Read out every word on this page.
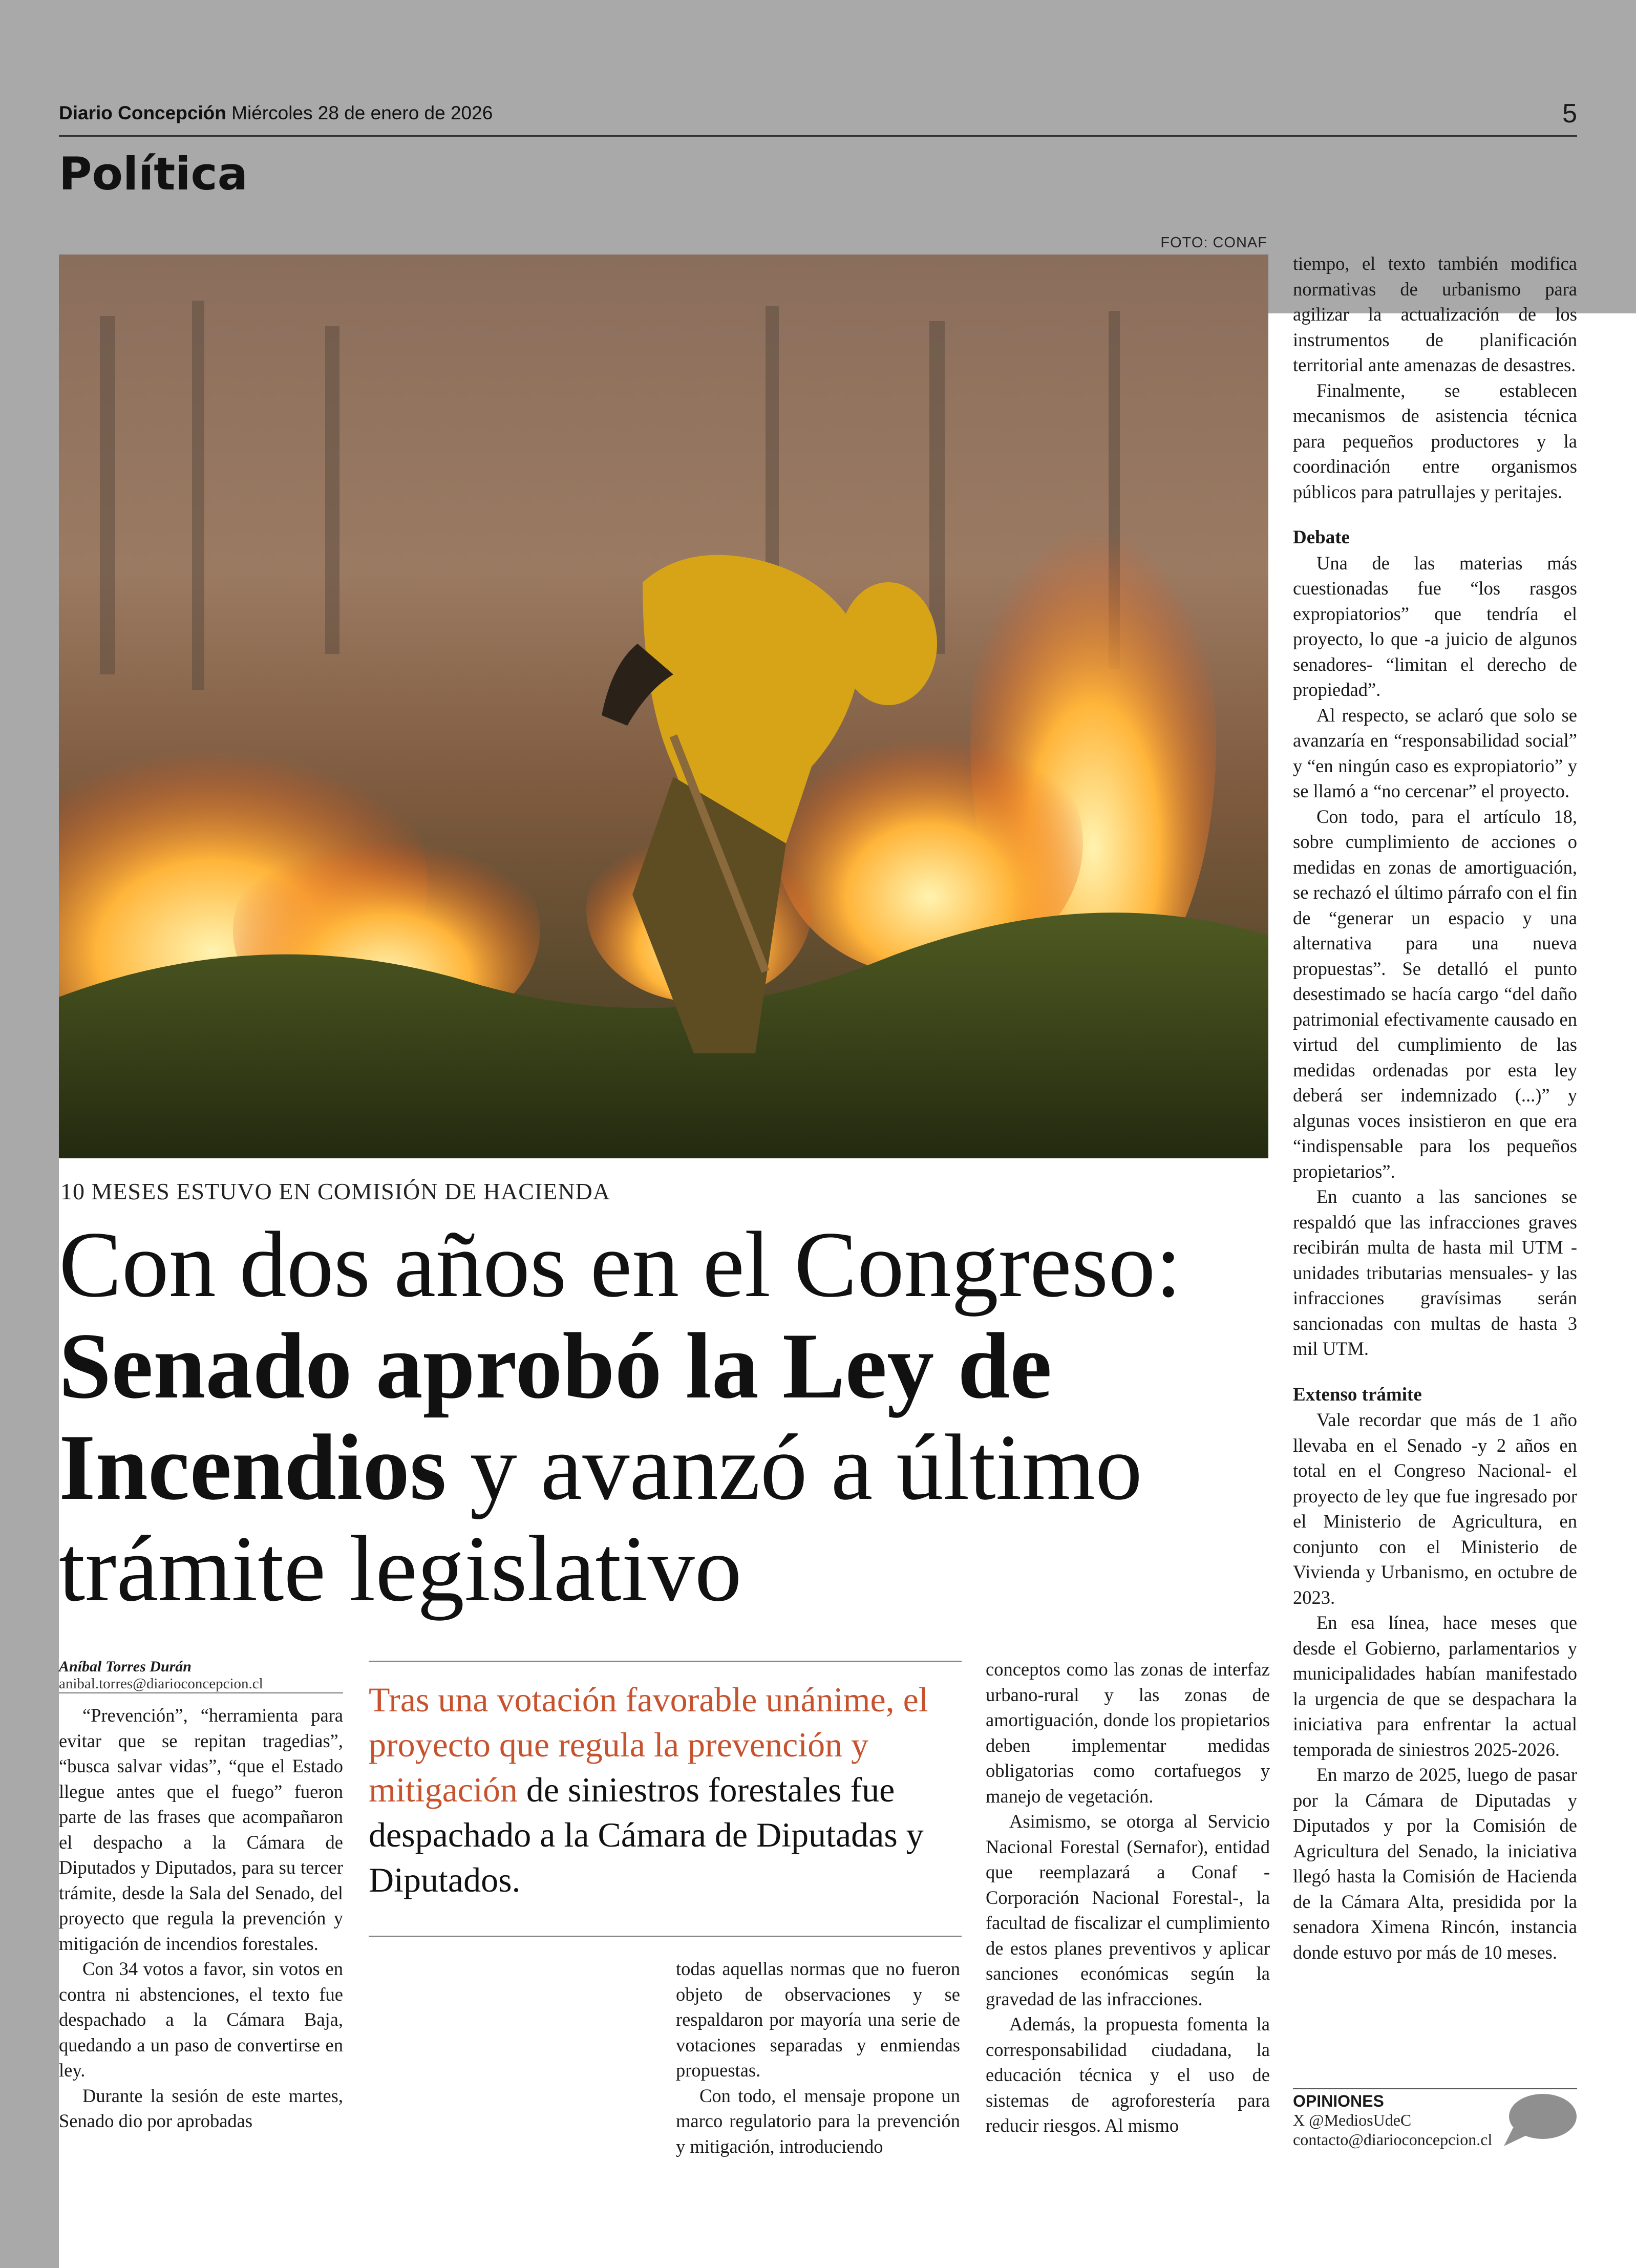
Diario Concepción Miércoles 28 de enero de 2026	5
Política
FOTO: CONAF
10 MESES ESTUVO EN COMISIÓN DE HACIENDA
Con dos años en el Congreso:
Senado aprobó la Ley de Incendios y avanzó a último trámite legislativo
Aníbal Torres Durán
anibal.torres@diarioconcepcion.cl	Tras una votación favorable unánime, el proyecto que regula la prevención y mitigación de siniestros forestales fue despachado a la Cámara de Diputadas y Diputados.

“Prevención”, “herramienta para evitar que se repitan tragedias”, “busca salvar vidas”, “que el Estado llegue antes que el fuego” fueron parte de las frases que acompañaron el despacho a la Cámara de Diputados y Diputados, para su tercer trámite, desde la Sala del Senado, del proyecto que regula la prevención y mitigación de incendios forestales.

Con 34 votos a favor, sin votos en contra ni abstenciones, el texto fue despachado a la Cámara Baja, quedando a un paso de convertirse en ley.

Durante la sesión de este martes, Senado dio por aprobadas

todas aquellas normas que no fueron objeto de observaciones y se respaldaron por mayoría una serie de votaciones separadas y enmiendas propuestas.

Con todo, el mensaje propone un marco regulatorio para la prevención y mitigación, introduciendo

conceptos como las zonas de interfaz urbano-rural y las zonas de amortiguación, donde los propietarios deben implementar medidas obligatorias como cortafuegos y manejo de vegetación.

Asimismo, se otorga al Servicio Nacional Forestal (Sernafor), entidad que reemplazará a Conaf -Corporación Nacional Forestal-, la facultad de fiscalizar el cumplimiento de estos planes preventivos y aplicar sanciones económicas según la gravedad de las infracciones.

Además, la propuesta fomenta la corresponsabilidad ciudadana, la educación técnica y el uso de sistemas de agroforestería para reducir riesgos. Al mismo

tiempo, el texto también modifica normativas de urbanismo para agilizar la actualización de los instrumentos de planificación territorial ante amenazas de desastres.

Finalmente, se establecen mecanismos de asistencia técnica para pequeños productores y la coordinación entre organismos públicos para patrullajes y peritajes.

Debate

Una de las materias más cuestionadas fue “los rasgos expropiatorios” que tendría el proyecto, lo que -a juicio de algunos senadores- “limitan el derecho de propiedad”.

Al respecto, se aclaró que solo se avanzaría en “responsabilidad social” y “en ningún caso es expropiatorio” y se llamó a “no cercenar” el proyecto.

Con todo, para el artículo 18, sobre cumplimiento de acciones o medidas en zonas de amortiguación, se rechazó el último párrafo con el fin de “generar un espacio y una alternativa para una nueva propuestas”. Se detalló el punto desestimado se hacía cargo “del daño patrimonial efectivamente causado en virtud del cumplimiento de las medidas ordenadas por esta ley deberá ser indemnizado (...)” y algunas voces insistieron en que era “indispensable para los pequeños propietarios”.

En cuanto a las sanciones se respaldó que las infracciones graves recibirán multa de hasta mil UTM -unidades tributarias mensuales- y las infracciones gravísimas serán sancionadas con multas de hasta 3 mil UTM.

Extenso trámite

Vale recordar que más de 1 año llevaba en el Senado -y 2 años en total en el Congreso Nacional- el proyecto de ley que fue ingresado por el Ministerio de Agricultura, en conjunto con el Ministerio de Vivienda y Urbanismo, en octubre de 2023.

En esa línea, hace meses que desde el Gobierno, parlamentarios y municipalidades habían manifestado la urgencia de que se despachara la iniciativa para enfrentar la actual temporada de siniestros 2025-2026.

En marzo de 2025, luego de pasar por la Cámara de Diputadas y Diputados y por la Comisión de Agricultura del Senado, la iniciativa llegó hasta la Comisión de Hacienda de la Cámara Alta, presidida por la senadora Ximena Rincón, instancia donde estuvo por más de 10 meses.

OPINIONES
X @MediosUdeC
contacto@diarioconcepcion.cl
